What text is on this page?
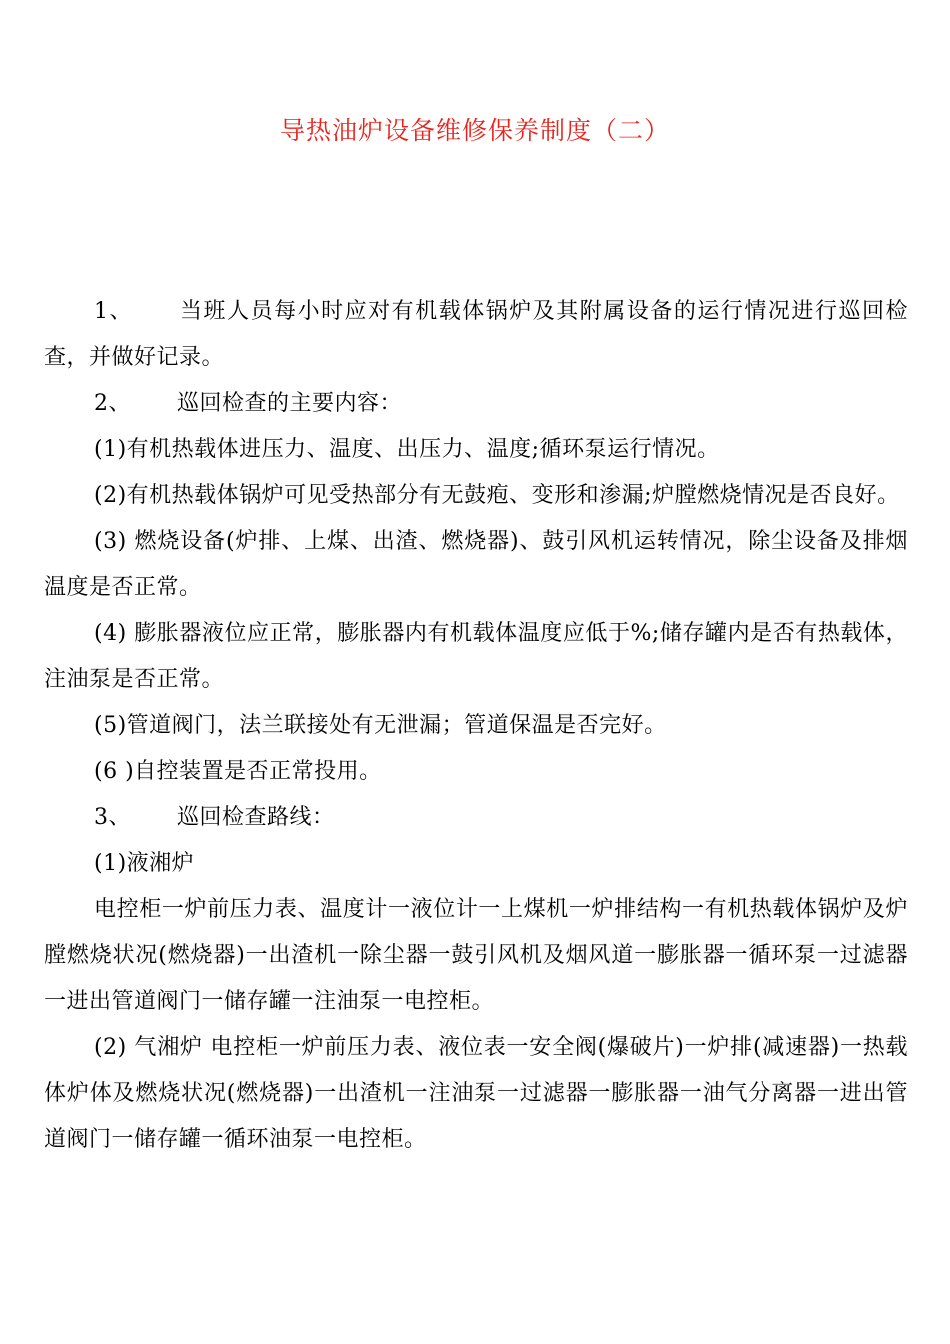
导热油炉设备维修保养制度（二）

1、 当班人员每小时应对有机载体锅炉及其附属设备的运行情况进行巡回检查，并做好记录。

2、 巡回检查的主要内容：

(1)有机热载体进压力、温度、出压力、温度;循环泵运行情况。

(2)有机热载体锅炉可见受热部分有无鼓疱、变形和渗漏;炉膛燃烧情况是否良好。

(3) 燃烧设备(炉排、上煤、出渣、燃烧器)、鼓引风机运转情况，除尘设备及排烟温度是否正常。

(4) 膨胀器液位应正常，膨胀器内有机载体温度应低于%;储存罐内是否有热载体，注油泵是否正常。

(5)管道阀门，法兰联接处有无泄漏；管道保温是否完好。

(6 )自控装置是否正常投用。

3、 巡回检查路线：

(1)液湘炉

电控柜一炉前压力表、温度计一液位计一上煤机一炉排结构一有机热载体锅炉及炉膛燃烧状况(燃烧器)一出渣机一除尘器一鼓引风机及烟风道一膨胀器一循环泵一过滤器一进出管道阀门一储存罐一注油泵一电控柜。

(2) 气湘炉 电控柜一炉前压力表、液位表一安全阀(爆破片)一炉排(减速器)一热载体炉体及燃烧状况(燃烧器)一出渣机一注油泵一过滤器一膨胀器一油气分离器一进出管道阀门一储存罐一循环油泵一电控柜。
